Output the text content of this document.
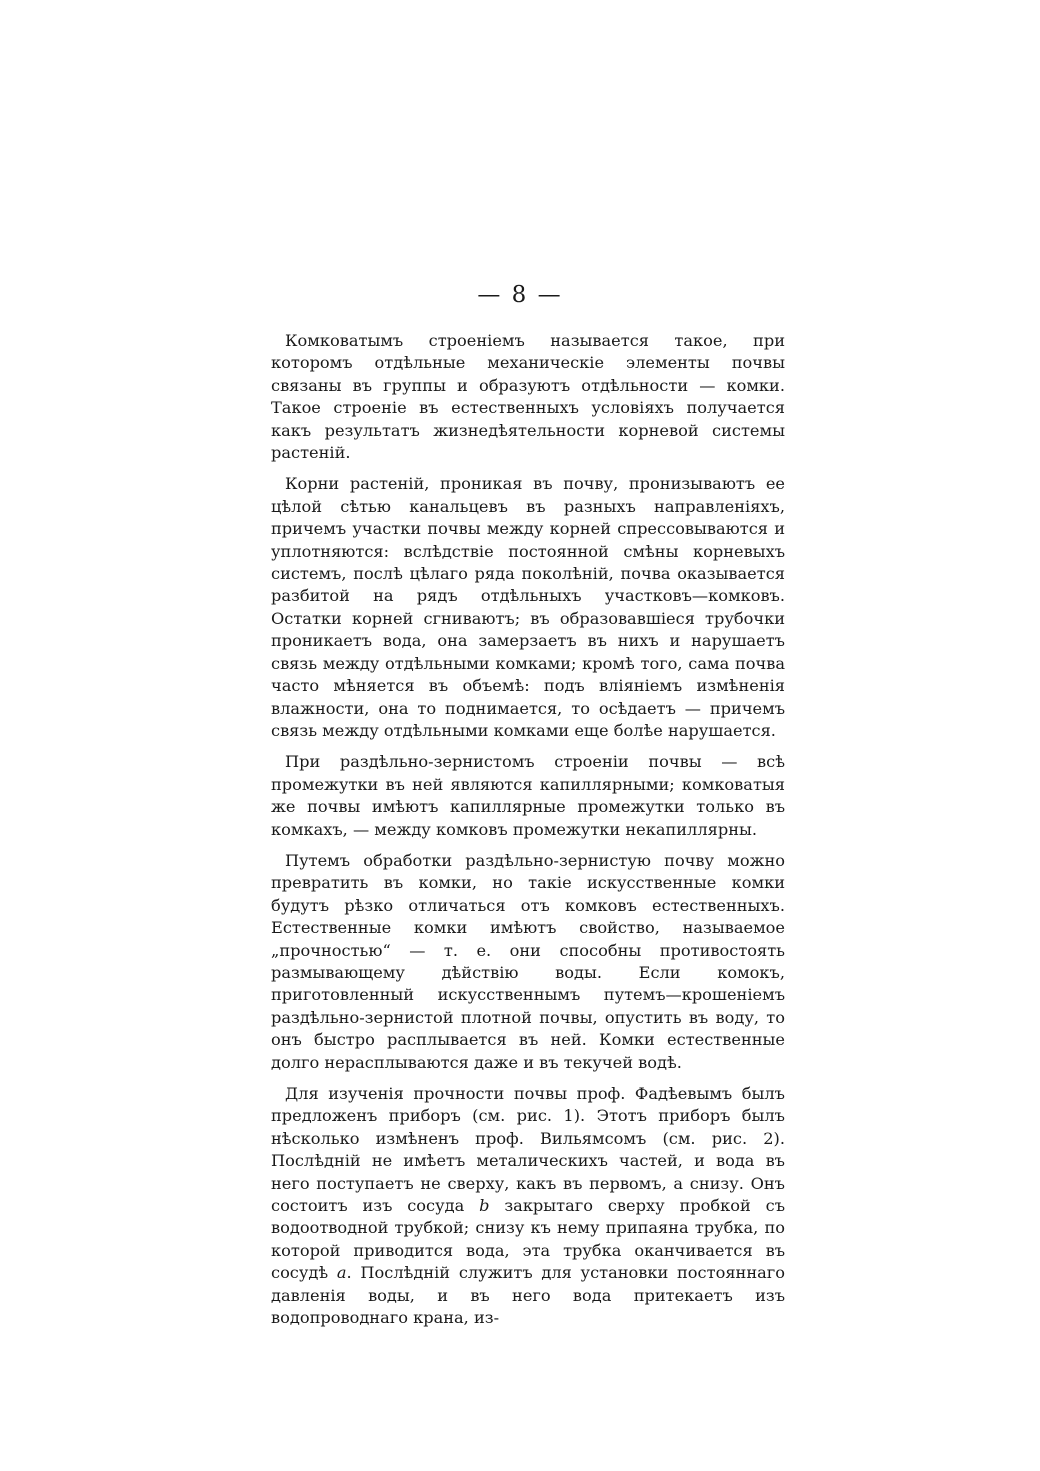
— 8 —

Комковатымъ строеніемъ называется такое, при которомъ отдѣльные механическіе элементы почвы связаны въ группы и образуютъ отдѣльности — комки. Такое строеніе въ естественныхъ условіяхъ получается какъ результатъ жизнедѣятельности корневой системы растеній.

Корни растеній, проникая въ почву, пронизываютъ ее цѣлой сѣтью канальцевъ въ разныхъ направленіяхъ, причемъ участки почвы между корней спрессовываются и уплотняются: вслѣдствіе постоянной смѣны корневыхъ системъ, послѣ цѣлаго ряда поколѣній, почва оказывается разбитой на рядъ отдѣльныхъ участковъ—комковъ. Остатки корней сгниваютъ; въ образовавшіеся трубочки проникаетъ вода, она замерзаетъ въ нихъ и нарушаетъ связь между отдѣльными комками; кромѣ того, сама почва часто мѣняется въ объемѣ: подъ вліяніемъ измѣненія влажности, она то поднимается, то осѣдаетъ — причемъ связь между отдѣльными комками еще болѣе нарушается.

При раздѣльно-зернистомъ строеніи почвы — всѣ промежутки въ ней являются капиллярными; комковатыя же почвы имѣютъ капиллярные промежутки только въ комкахъ, — между комковъ промежутки некапиллярны.

Путемъ обработки раздѣльно-зернистую почву можно превратить въ комки, но такіе искусственные комки будутъ рѣзко отличаться отъ комковъ естественныхъ. Естественные комки имѣютъ свойство, называемое „прочностью“ — т. е. они способны противостоять размывающему дѣйствію воды. Если комокъ, приготовленный искусственнымъ путемъ—крошеніемъ раздѣльно-зернистой плотной почвы, опустить въ воду, то онъ быстро расплывается въ ней. Комки естественные долго нерасплываются даже и въ текучей водѣ.

Для изученія прочности почвы проф. Фадѣевымъ былъ предложенъ приборъ (см. рис. 1). Этотъ приборъ былъ нѣсколько измѣненъ проф. Вильямсомъ (см. рис. 2). Послѣдній не имѣетъ металическихъ частей, и вода въ него поступаетъ не сверху, какъ въ первомъ, а снизу. Онъ состоитъ изъ сосуда b закрытаго сверху пробкой съ водоотводной трубкой; снизу къ нему припаяна трубка, по которой приводится вода, эта трубка оканчивается въ сосудѣ a. Послѣдній служитъ для установки постояннаго давленія воды, и въ него вода притекаетъ изъ водопроводнаго крана, из-
